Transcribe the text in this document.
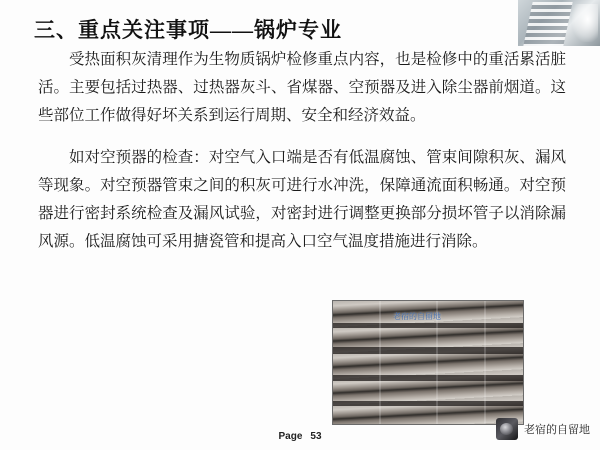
三、重点关注事项——锅炉专业

受热面积灰清理作为生物质锅炉检修重点内容，也是检修中的重活累活脏活。主要包括过热器、过热器灰斗、省煤器、空预器及进入除尘器前烟道。这些部位工作做得好坏关系到运行周期、安全和经济效益。

如对空预器的检查：对空气入口端是否有低温腐蚀、管束间隙积灰、漏风等现象。对空预器管束之间的积灰可进行水冲洗，保障通流面积畅通。对空预器进行密封系统检查及漏风试验，对密封进行调整更换部分损坏管子以消除漏风源。低温腐蚀可采用搪瓷管和提高入口空气温度措施进行消除。

老宿的自留地
Page 53
老宿的自留地
